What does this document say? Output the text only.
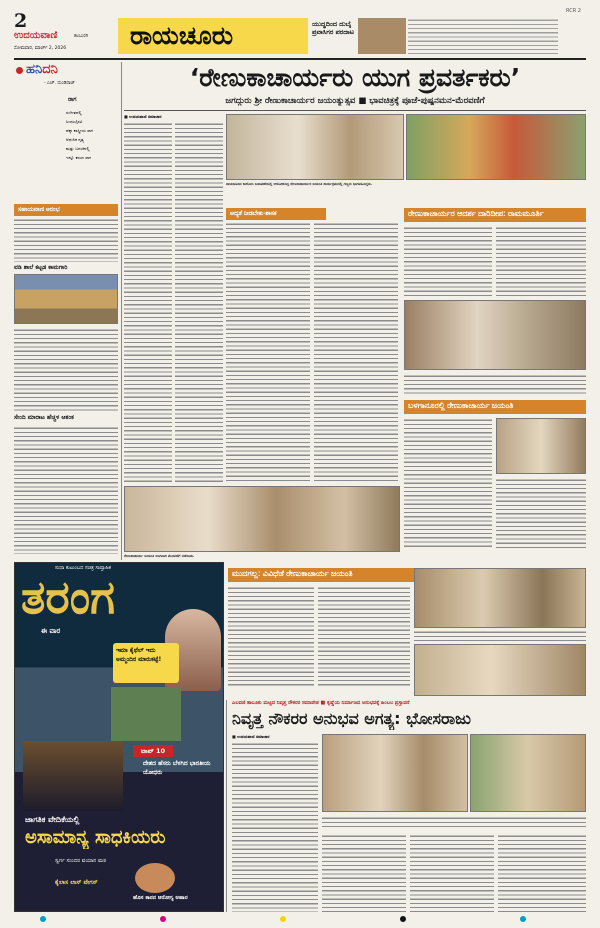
2
ಉದಯವಾಣಿ	ಕಲಬುರಗಿ
ಸೋಮವಾರ, ಮಾರ್ಚ್ 2, 2026	ರಾಯಚೂರು	ಯುದ್ಧದಿಂದ ದುಬೈ ಪ್ರವಾಸಿಗರ ಪರದಾಟ
RCR 2
ಹನಿದನಿ
- ಎಚ್. ದುಂಡಿರಾಜ್
ರಾಗ
ಸಂಗೀತದಲ್ಲಿ
ಸಿಂಧುಭೈರವಿ
ಪಕ್ಕಾ ಶಾಸ್ತ್ರೀಯ ರಾಗ
ಆಧುನಿಕ ನೃತ್ಯ
ಮತ್ತು ಬದುಕಿನಲ್ಲಿ
ಇನ್ನೂ ಕರುಣ ರಾಗ
ಸಹಾಯವಾಣಿ ಆರಂಭ
ವಡಿ ಶಾಲೆ ಕಟ್ಟಡ ಕಾಮಗಾರಿ
ಸೇಂದಿ ಮಾರಾಟ ಹೆಚ್ಚಳ ಆತಂಕ
‘ರೇಣುಕಾಚಾರ್ಯರು ಯುಗ ಪ್ರವರ್ತಕರು’
ಜಗದ್ಗುರು ಶ್ರೀ ರೇಣುಕಾಚಾರ್ಯರ ಜಯಂತ್ಯುತ್ಸವ ■ ಭಾವಚಿತ್ರಕ್ಕೆ ಪೂಜೆ-ಪುಷ್ಪನಮನ-ಮೆರವಣಿಗೆ
■ ಉದಯವಾಣಿ ಸಮಾಚಾರ
ರಾಯಚೂರಿನ ಕಾಲೋನಿ ಬಡಾವಣೆಯಲ್ಲಿ ಆಯೋಜಿಸಿದ್ದ ರೇಣುಕಾಚಾರ್ಯರ ಜಯಂತಿ ಕಾರ್ಯಕ್ರಮದಲ್ಲಿ ಗಣ್ಯರು ಭಾಗವಹಿಸಿದ್ದರು.
ಆದ್ಯತೆ ನೀಡಬೇಕು-ಶಾಸಕ	ರೇಣುಕಾಚಾರ್ಯರ ಆದರ್ಶ ದಾರಿದೀಪ: ರಾಮಮೂರ್ತಿ
ಬಳಗಾನೂರಲ್ಲಿ ರೇಣುಕಾಚಾರ್ಯ ಜಯಂತಿ
ರೇಣುಕಾಚಾರ್ಯ ಜಯಂತಿ ಅಂಗವಾಗಿ ಮೆರವಣಿಗೆ ನಡೆಯಿತು.
ಮುದಗಲ್ಲ: ವಿವಿಧೆಡೆ ರೇಣುಕಾಚಾರ್ಯ ಜಯಂತಿ
ಸುಧಾ ಕುಟುಂಬದ ಸಚಿತ್ರ ಸಾಪ್ತಾಹಿಕ
ತರಂಗ
ಈ ವಾರ
ಇಮಾ ಕೈಥೆಲ್ ಇದು ಅಮ್ಮಂದಿರ ಮಾರುಕಟ್ಟೆ!
ಟಾಪ್ 10
ದೇಶದ ಹೆಸರು ಬೆಳಗಿದ ಭಾರತೀಯ ಯೋಧರು
ಜಾಗತಿಕ ವೇದಿಕೆಯಲ್ಲಿ
ಅಸಾಮಾನ್ಯ ಸಾಧಕಿಯರು
ಸ್ವರ್ಗ ಸುಂದರ ವಯಾನ ಮಠ
ಹೊಸ ಕಾನನ ಆರೋಗ್ಯ ಅಹಾರ
ಕೈಲಾಸ ಲಾಸ್ ವೇಗಸ್
ಎಲವಣಿ ತಾಲೂಕು ಮಟ್ಟದ ನಿವೃತ್ತ ನೌಕರರ ಸಮಾವೇಶ ■ ಕೃಷ್ಣೆಯ ನಿರ್ಮಾಣದ ಅನುಭವಕ್ಕೆ ಹಿಂಬಲ ಪ್ರಸ್ತಾವನೆ
ನಿವೃತ್ತ ನೌಕರರ ಅನುಭವ ಅಗತ್ಯ: ಭೋಸರಾಜು
■ ಉದಯವಾಣಿ ಸಮಾಚಾರ
